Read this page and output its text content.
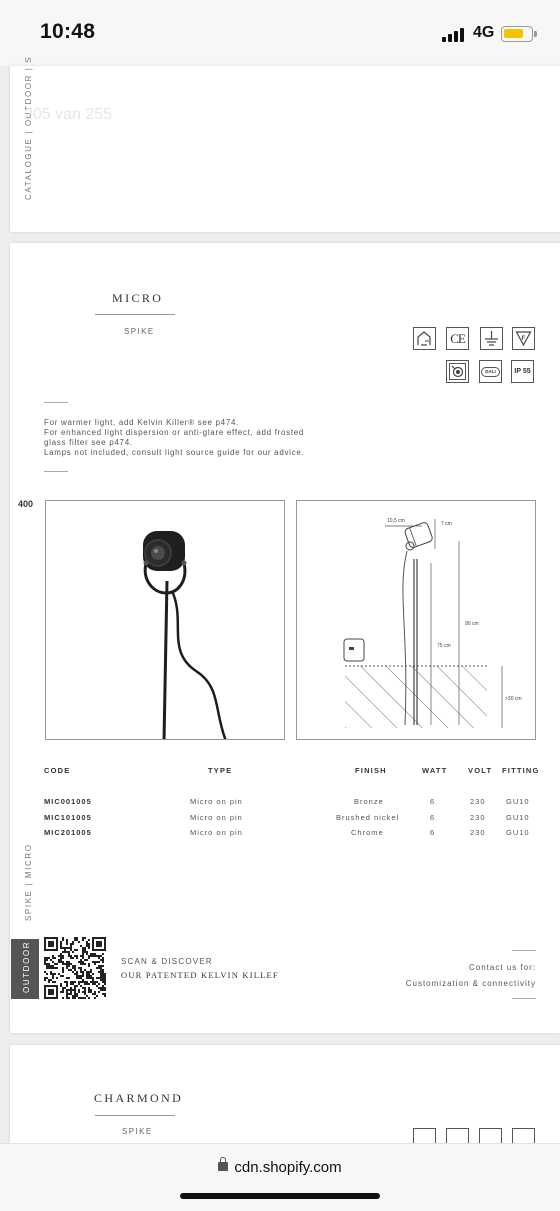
10:48	4G
CATALOGUE | OUTDOOR | S
205 van 255
MICRO
SPIKE	CE	F
DALI	IP 55

For warmer light, add Kelvin Killer® see p474.

For enhanced light dispersion or anti-glare effect, add frosted

glass filter see p474.

Lamps not included, consult light source guide for our advice.

400
10,5 cm	7 cm
90 cm
75 cm
>30 cm
CODE	TYPE	FINISH	WATT	VOLT FITTING
MIC001005	Micro on pin	Bronze	6	230	GU10
MIC101005	Micro on pin	Brushed nickel	6	230	GU10
MIC201005	Micro on pin	Chrome	6	230	GU10
SPIKE | MICRO
OUTDOOR	SCAN & DISCOVER
OUR PATENTED KELVIN KILLEF
Contact us for:
Customization & connectivity
CHARMOND
SPIKE
cdn.shopify.com
